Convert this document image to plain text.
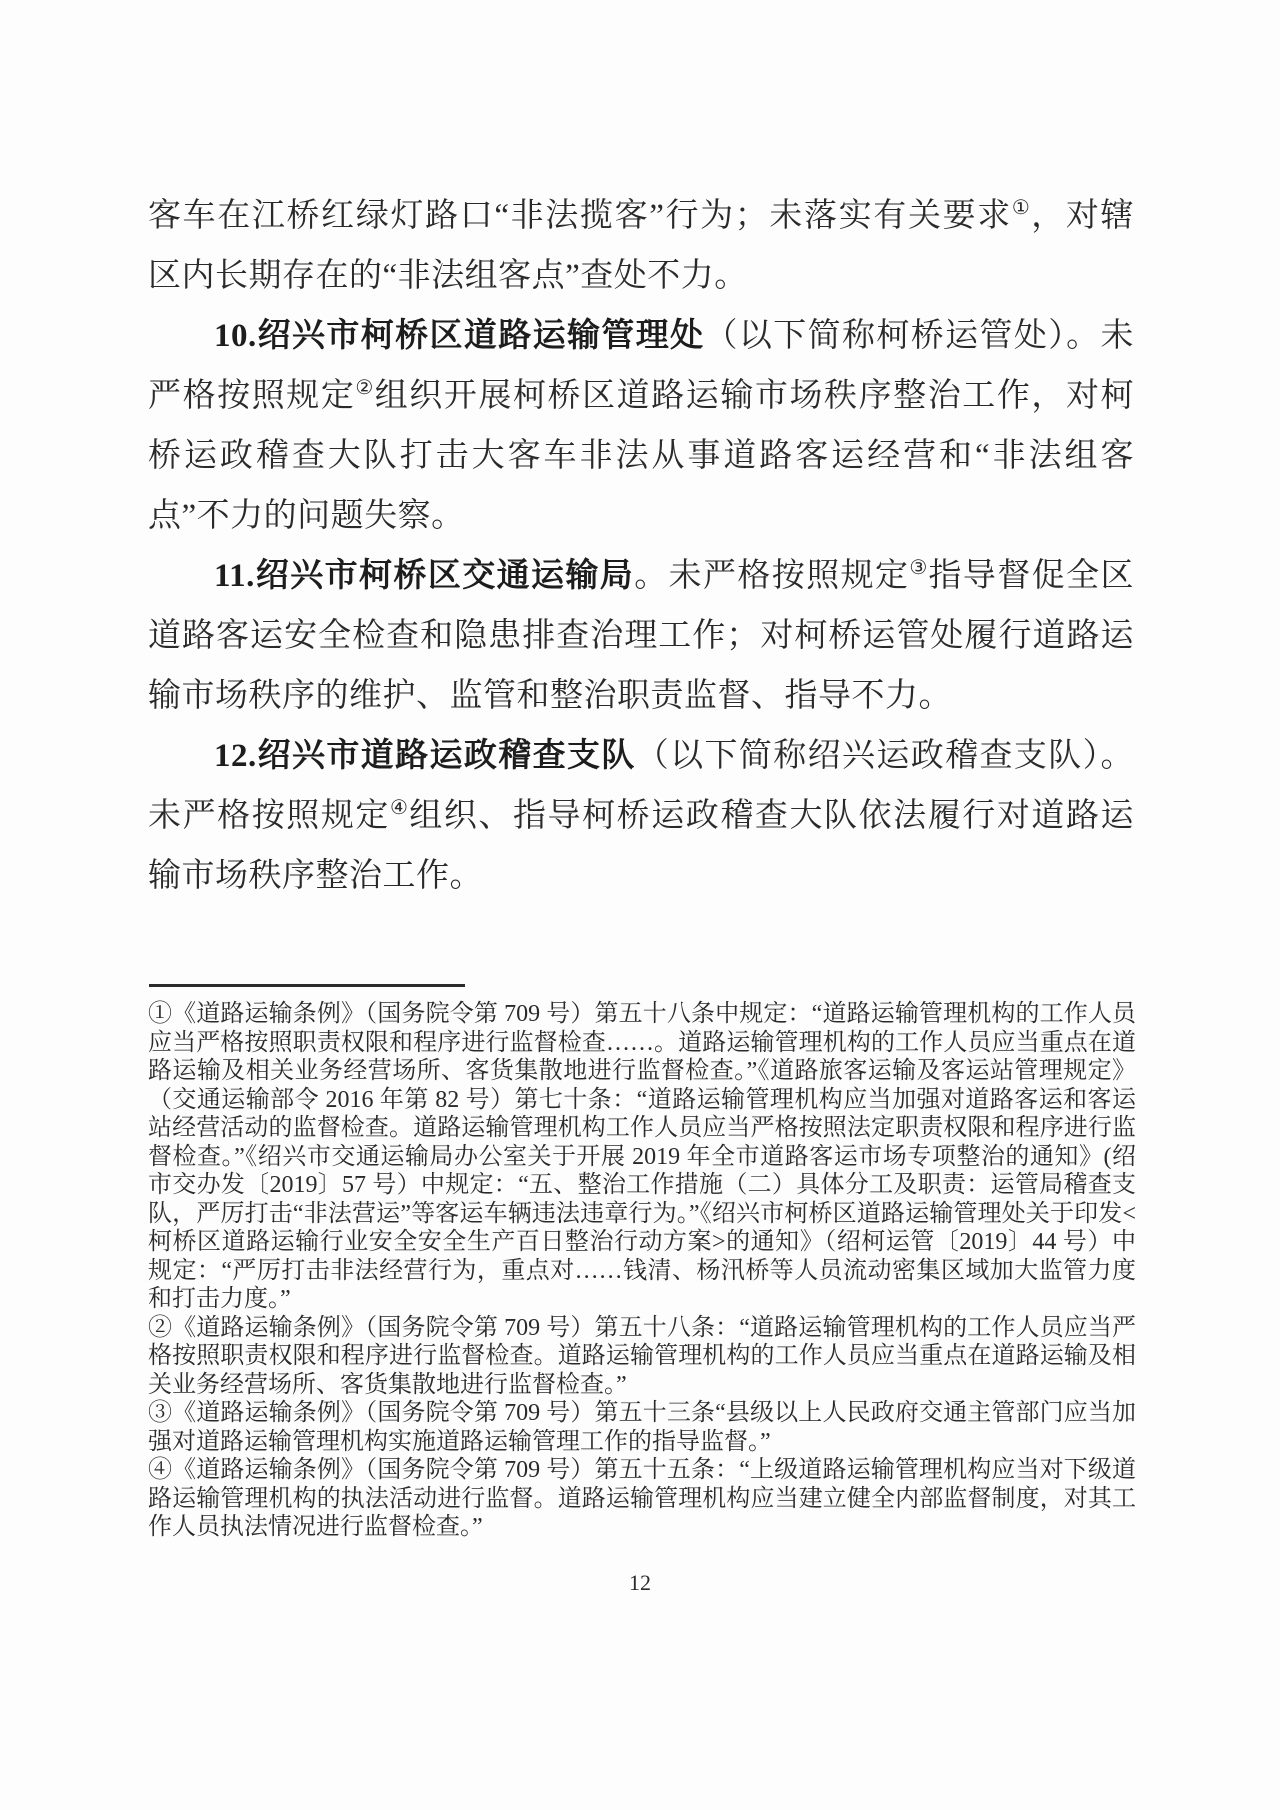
客车在江桥红绿灯路口“非法揽客”行为；未落实有关要求①，对辖区内长期存在的“非法组客点”查处不力。

10.绍兴市柯桥区道路运输管理处（以下简称柯桥运管处）。未严格按照规定②组织开展柯桥区道路运输市场秩序整治工作，对柯桥运政稽查大队打击大客车非法从事道路客运经营和“非法组客点”不力的问题失察。

11.绍兴市柯桥区交通运输局。未严格按照规定③指导督促全区道路客运安全检查和隐患排查治理工作；对柯桥运管处履行道路运输市场秩序的维护、监管和整治职责监督、指导不力。

12.绍兴市道路运政稽查支队（以下简称绍兴运政稽查支队）。未严格按照规定④组织、指导柯桥运政稽查大队依法履行对道路运输市场秩序整治工作。

①《道路运输条例》（国务院令第 709 号）第五十八条中规定：“道路运输管理机构的工作人员应当严格按照职责权限和程序进行监督检查……。道路运输管理机构的工作人员应当重点在道路运输及相关业务经营场所、客货集散地进行监督检查。”《道路旅客运输及客运站管理规定》（交通运输部令 2016 年第 82 号）第七十条：“道路运输管理机构应当加强对道路客运和客运站经营活动的监督检查。道路运输管理机构工作人员应当严格按照法定职责权限和程序进行监督检查。”《绍兴市交通运输局办公室关于开展 2019 年全市道路客运市场专项整治的通知》(绍市交办发〔2019〕57 号）中规定：“五、整治工作措施（二）具体分工及职责：运管局稽查支队，严厉打击“非法营运”等客运车辆违法违章行为。”《绍兴市柯桥区道路运输管理处关于印发<柯桥区道路运输行业安全安全生产百日整治行动方案>的通知》（绍柯运管〔2019〕44 号）中规定：“严厉打击非法经营行为，重点对……钱清、杨汛桥等人员流动密集区域加大监管力度和打击力度。”

②《道路运输条例》（国务院令第 709 号）第五十八条：“道路运输管理机构的工作人员应当严格按照职责权限和程序进行监督检查。道路运输管理机构的工作人员应当重点在道路运输及相关业务经营场所、客货集散地进行监督检查。”

③《道路运输条例》（国务院令第 709 号）第五十三条“县级以上人民政府交通主管部门应当加强对道路运输管理机构实施道路运输管理工作的指导监督。”

④《道路运输条例》（国务院令第 709 号）第五十五条：“上级道路运输管理机构应当对下级道路运输管理机构的执法活动进行监督。道路运输管理机构应当建立健全内部监督制度，对其工作人员执法情况进行监督检查。”

12
